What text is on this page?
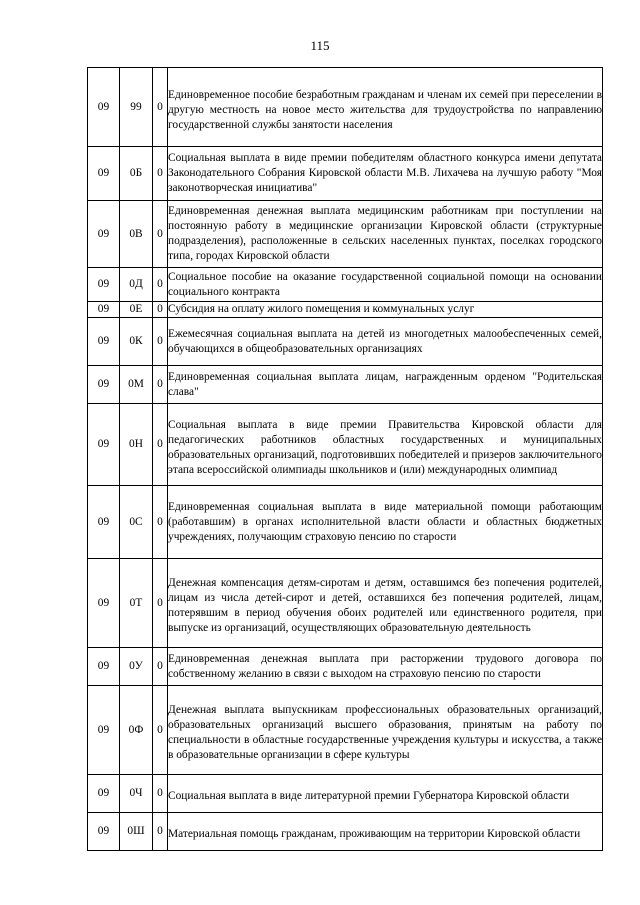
115
09	99	0	Единовременное пособие безработным гражданам и членам их семей при переселении в другую местность на новое место жительства для трудоустройства по направлению государственной службы занятости населения
09	0Б	0	Социальная выплата в виде премии победителям областного конкурса имени депутата Законодательного Собрания Кировской области М.В. Лихачева на лучшую работу "Моя законотворческая инициатива"
09	0В	0	Единовременная денежная выплата медицинским работникам при поступлении на постоянную работу в медицинские организации Кировской области (структурные подразделения), расположенные в сельских населенных пунктах, поселках городского типа, городах Кировской области
09	0Д	0	Социальное пособие на оказание государственной социальной помощи на основании социального контракта
09	0Е	0	Субсидия на оплату жилого помещения и коммунальных услуг
09	0К	0	Ежемесячная социальная выплата на детей из многодетных малообеспеченных семей, обучающихся в общеобразовательных организациях
09	0М	0	Единовременная социальная выплата лицам, награжденным орденом "Родительская слава"
09	0Н	0	Социальная выплата в виде премии Правительства Кировской области для педагогических работников областных государственных и муниципальных образовательных организаций, подготовивших победителей и призеров заключительного этапа всероссийской олимпиады школьников и (или) международных олимпиад
09	0С	0	Единовременная социальная выплата в виде материальной помощи работающим (работавшим) в органах исполнительной власти области и областных бюджетных учреждениях, получающим страховую пенсию по старости
09	0Т	0	Денежная компенсация детям-сиротам и детям, оставшимся без попечения родителей, лицам из числа детей-сирот и детей, оставшихся без попечения родителей, лицам, потерявшим в период обучения обоих родителей или единственного родителя, при выпуске из организаций, осуществляющих образовательную деятельность
09	0У	0	Единовременная денежная выплата при расторжении трудового договора по собственному желанию в связи с выходом на страховую пенсию по старости
09	0Ф	0	Денежная выплата выпускникам профессиональных образовательных организаций, образовательных организаций высшего образования, принятым на работу по специальности в областные государственные учреждения культуры и искусства, а также в образовательные организации в сфере культуры
09	0Ч	0	Социальная выплата в виде литературной премии Губернатора Кировской области
09	0Ш	0	Материальная помощь гражданам, проживающим на территории Кировской области
